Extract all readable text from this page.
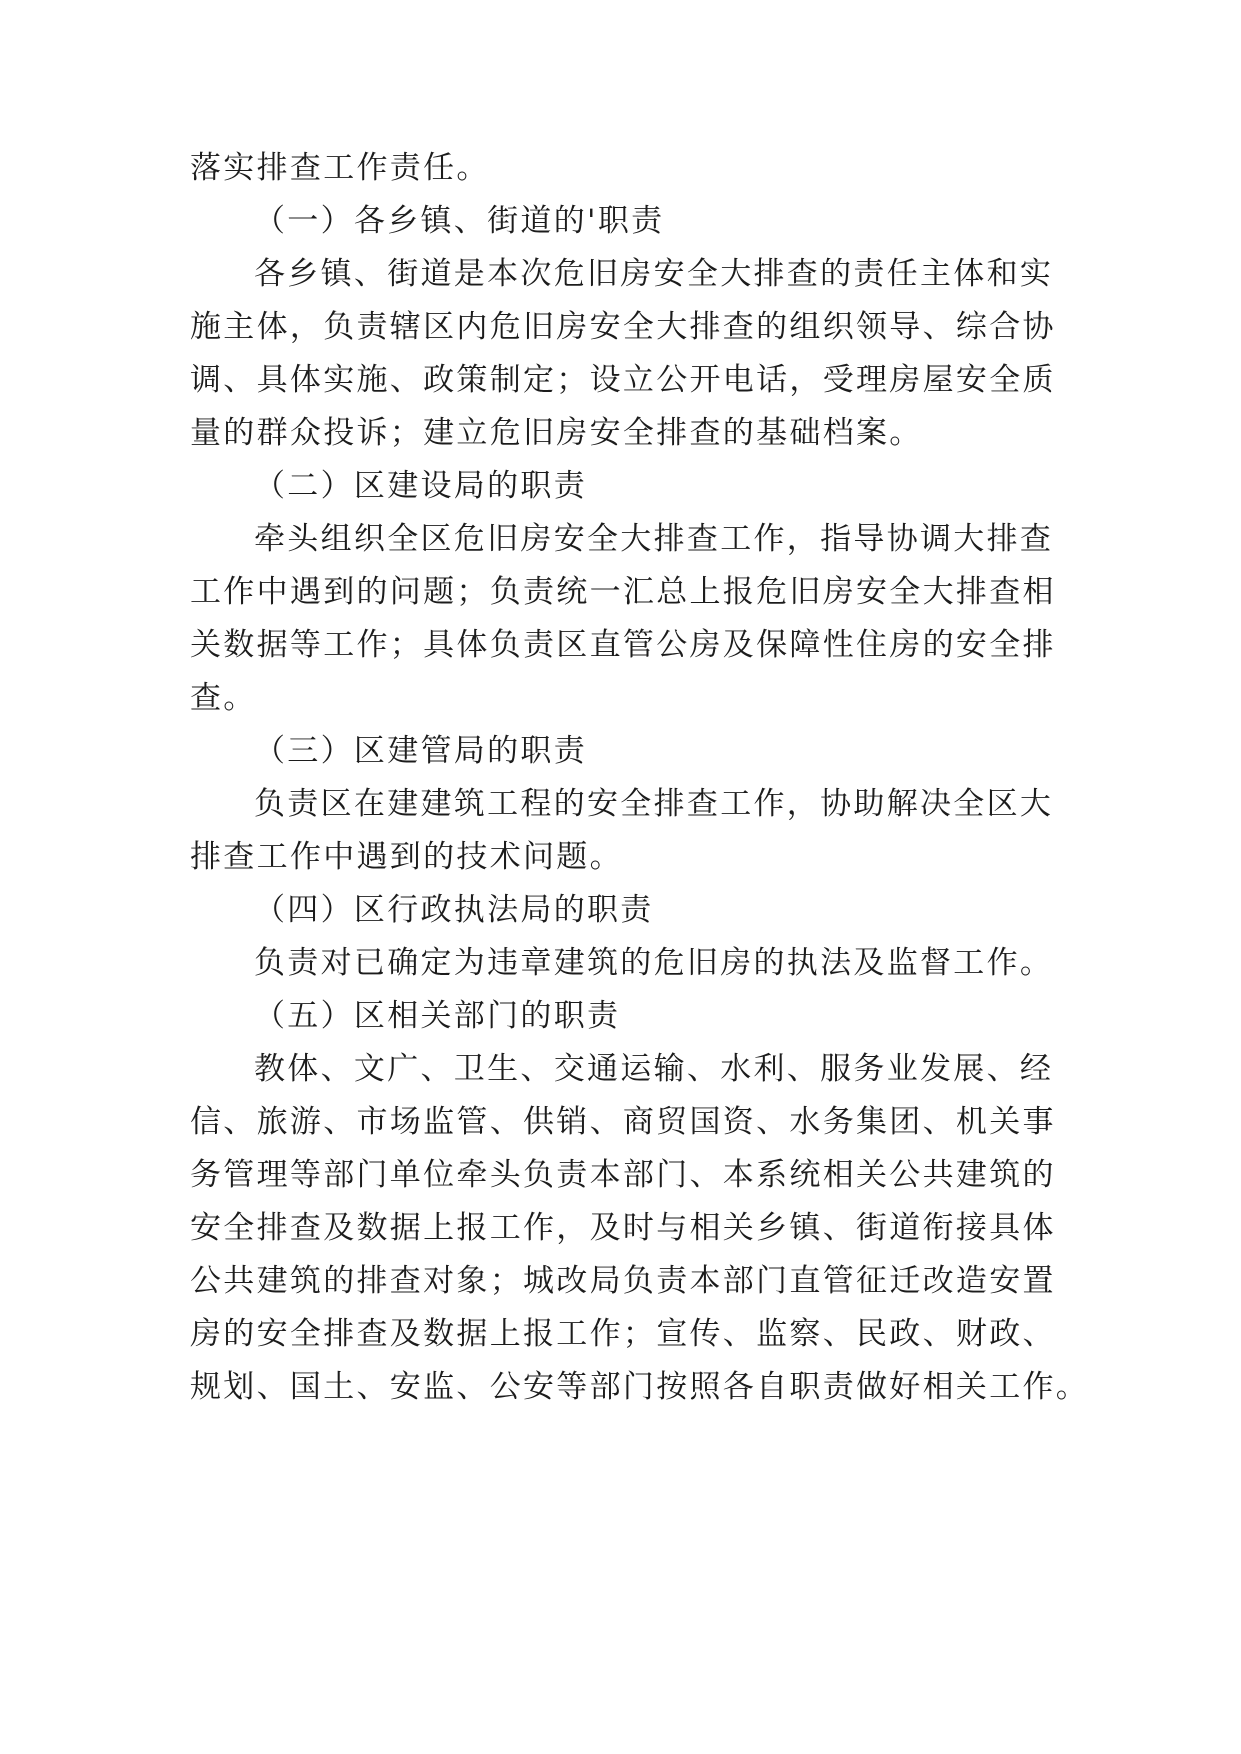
落实排查工作责任。

（一）各乡镇、街道的'职责

各乡镇、街道是本次危旧房安全大排查的责任主体和实

施主体，负责辖区内危旧房安全大排查的组织领导、综合协

调、具体实施、政策制定；设立公开电话，受理房屋安全质

量的群众投诉；建立危旧房安全排查的基础档案。

（二）区建设局的职责

牵头组织全区危旧房安全大排查工作，指导协调大排查

工作中遇到的问题；负责统一汇总上报危旧房安全大排查相

关数据等工作；具体负责区直管公房及保障性住房的安全排

查。

（三）区建管局的职责

负责区在建建筑工程的安全排查工作，协助解决全区大

排查工作中遇到的技术问题。

（四）区行政执法局的职责

负责对已确定为违章建筑的危旧房的执法及监督工作。

（五）区相关部门的职责

教体、文广、卫生、交通运输、水利、服务业发展、经

信、旅游、市场监管、供销、商贸国资、水务集团、机关事

务管理等部门单位牵头负责本部门、本系统相关公共建筑的

安全排查及数据上报工作，及时与相关乡镇、街道衔接具体

公共建筑的排查对象；城改局负责本部门直管征迁改造安置

房的安全排查及数据上报工作；宣传、监察、民政、财政、

规划、国土、安监、公安等部门按照各自职责做好相关工作。
